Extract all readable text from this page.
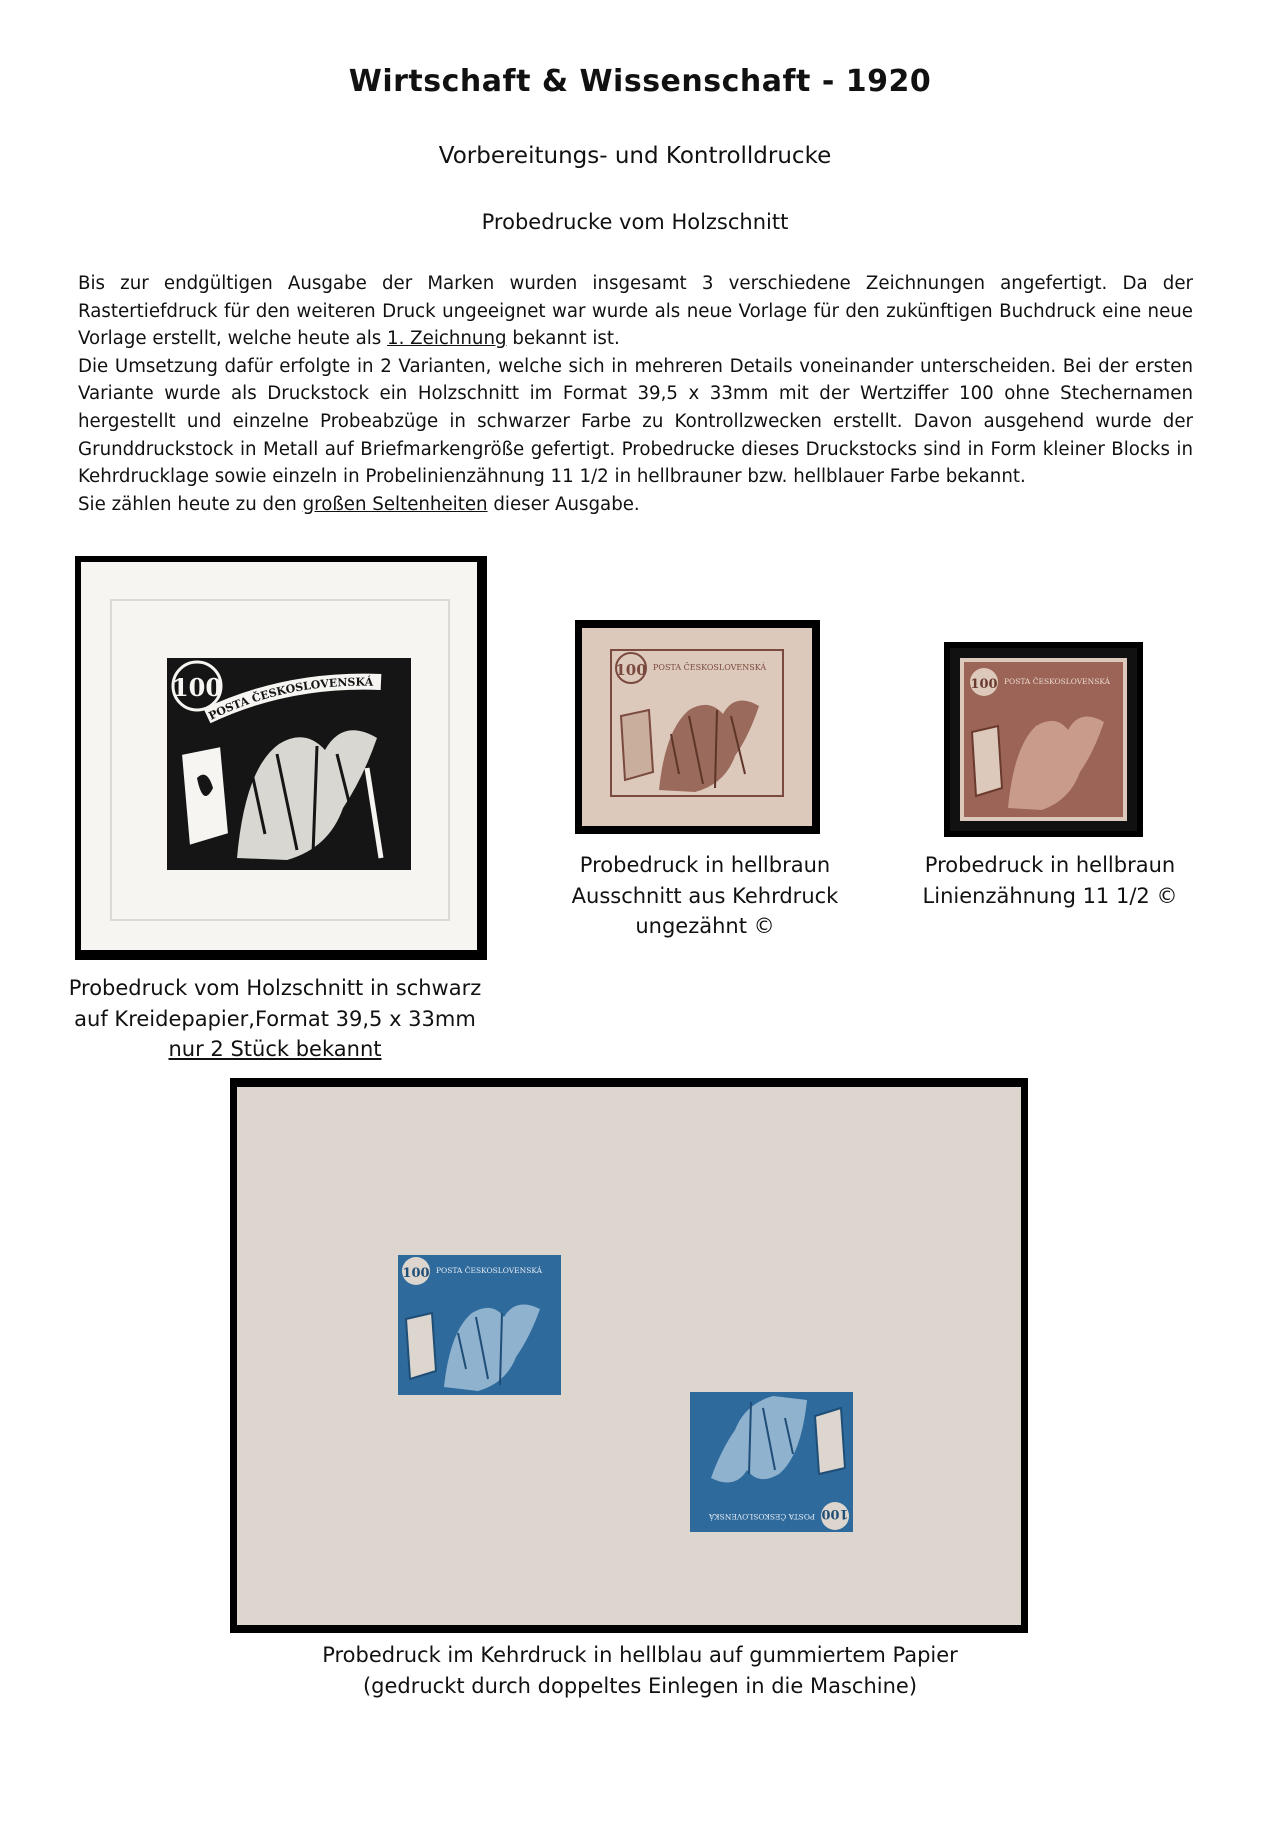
Wirtschaft & Wissenschaft - 1920
Vorbereitungs- und Kontrolldrucke
Probedrucke vom Holzschnitt

Bis zur endgültigen Ausgabe der Marken wurden insgesamt 3 verschiedene Zeichnungen angefertigt. Da der Rastertiefdruck für den weiteren Druck ungeeignet war wurde als neue Vorlage für den zukünftigen Buchdruck eine neue Vorlage erstellt, welche heute als 1. Zeichnung bekannt ist.

Die Umsetzung dafür erfolgte in 2 Varianten, welche sich in mehreren Details voneinander unterscheiden. Bei der ersten Variante wurde als Druckstock ein Holzschnitt im Format 39,5 x 33mm mit der Wertziffer 100 ohne Stechernamen hergestellt und einzelne Probeabzüge in schwarzer Farbe zu Kontrollzwecken erstellt. Davon ausgehend wurde der Grunddruckstock in Metall auf Briefmarkengröße gefertigt. Probedrucke dieses Druckstocks sind in Form kleiner Blocks in Kehrdrucklage sowie einzeln in Probelinienzähnung 11 1/2 in hellbrauner bzw. hellblauer Farbe bekannt.

Sie zählen heute zu den großen Seltenheiten dieser Ausgabe.

100
POSTA ČESKOSLOVENSKÁ
100 POSTA ČESKOSLOVENSKÁ
100 POSTA ČESKOSLOVENSKÁ
100 POSTA ČESKOSLOVENSKÁ
100
POSTA ČESKOSLOVENSKÁ
Probedruck in hellbraun
Ausschnitt aus Kehrdruck
ungezähnt ©
Probedruck in hellbraun
Linienzähnung 11 1/2 ©
Probedruck vom Holzschnitt in schwarz
auf Kreidepapier,Format 39,5 x 33mm
nur 2 Stück bekannt
Probedruck im Kehrdruck in hellblau auf gummiertem Papier
(gedruckt durch doppeltes Einlegen in die Maschine)
